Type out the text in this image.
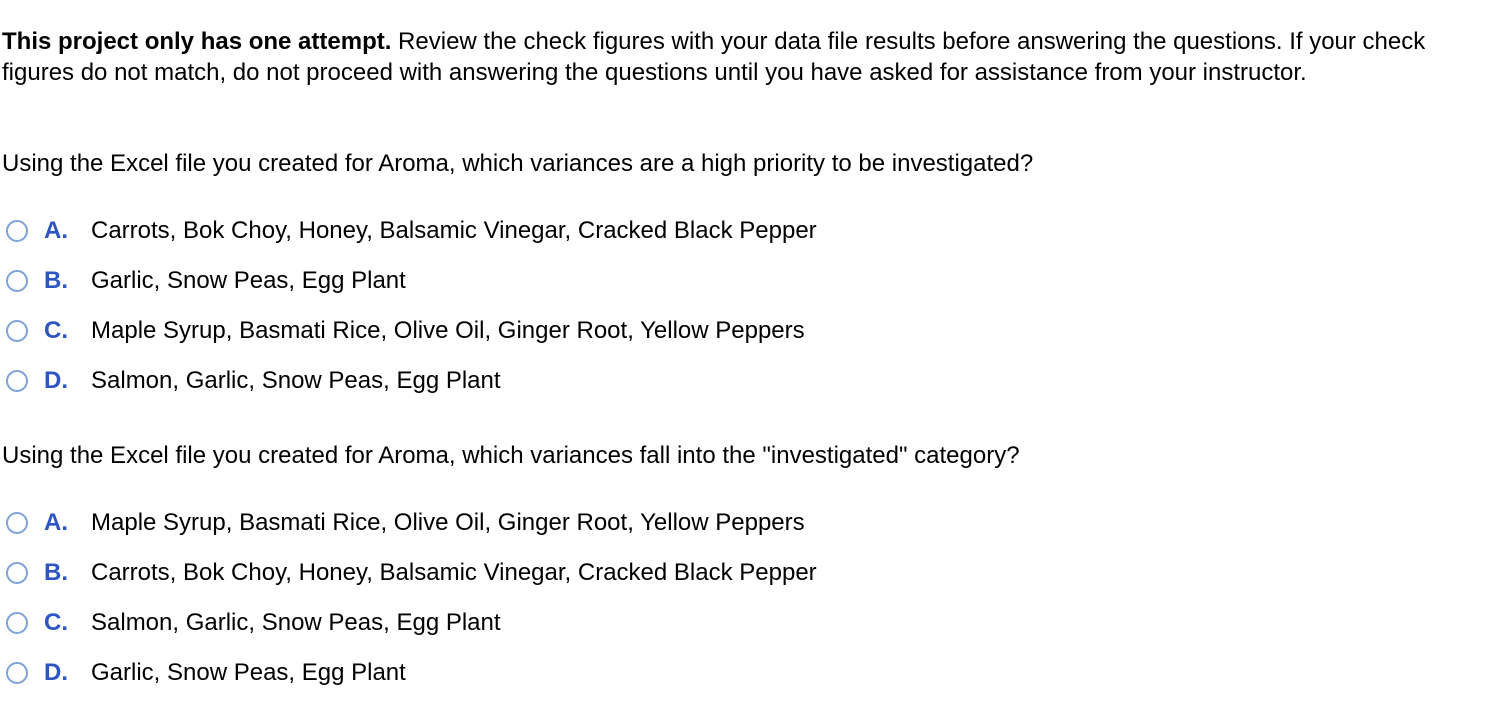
This project only has one attempt. Review the check figures with your data file results before answering the questions. If your check figures do not match, do not proceed with answering the questions until you have asked for assistance from your instructor.
Using the Excel file you created for Aroma, which variances are a high priority to be investigated?
A. Carrots, Bok Choy, Honey, Balsamic Vinegar, Cracked Black Pepper
B. Garlic, Snow Peas, Egg Plant
C. Maple Syrup, Basmati Rice, Olive Oil, Ginger Root, Yellow Peppers
D. Salmon, Garlic, Snow Peas, Egg Plant
Using the Excel file you created for Aroma, which variances fall into the "investigated" category?
A. Maple Syrup, Basmati Rice, Olive Oil, Ginger Root, Yellow Peppers
B. Carrots, Bok Choy, Honey, Balsamic Vinegar, Cracked Black Pepper
C. Salmon, Garlic, Snow Peas, Egg Plant
D. Garlic, Snow Peas, Egg Plant
